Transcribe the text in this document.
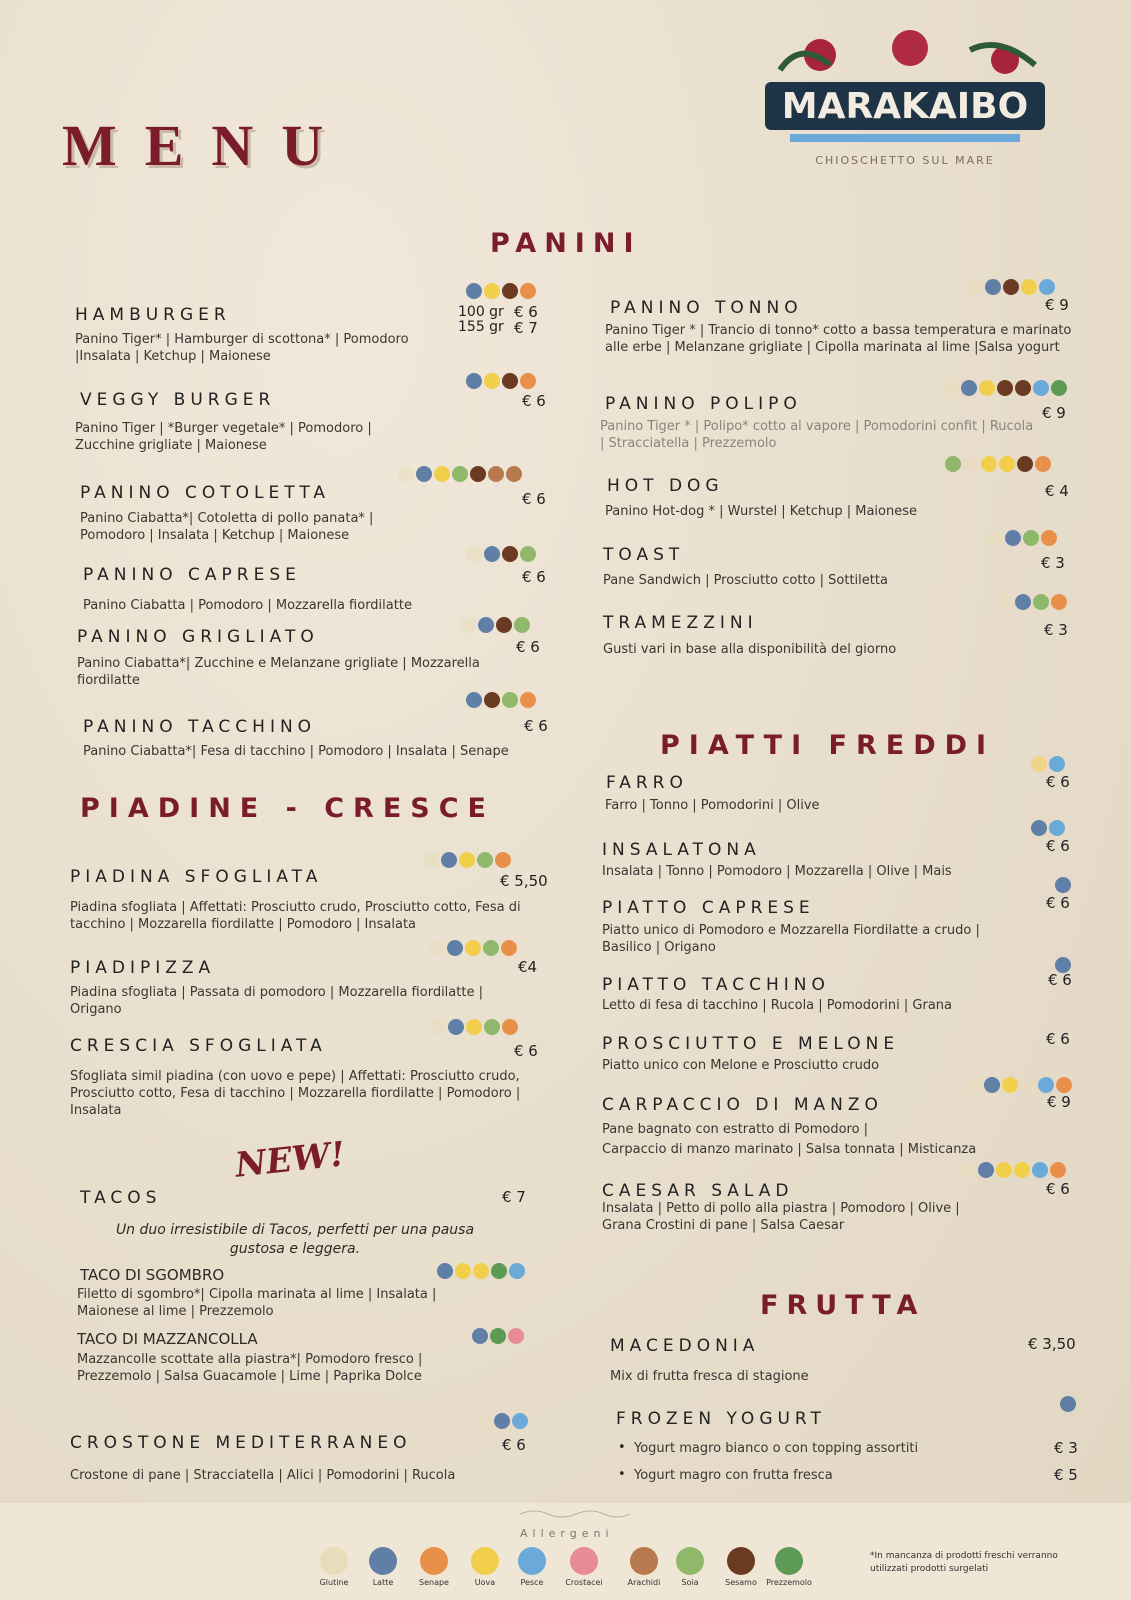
MENU
MARAKAIBO
CHIOSCHETTO SUL MARE
PANINI
HAMBURGER	100 gr € 6
155 gr € 7
Panino Tiger* | Hamburger di scottona* | Pomodoro |Insalata | Ketchup | Maionese
VEGGY BURGER	€ 6
Panino Tiger | *Burger vegetale* | Pomodoro | Zucchine grigliate | Maionese
PANINO COTOLETTA	€ 6
Panino Ciabatta*| Cotoletta di pollo panata* | Pomodoro | Insalata | Ketchup | Maionese
PANINO CAPRESE	€ 6
Panino Ciabatta | Pomodoro | Mozzarella fiordilatte
PANINO GRIGLIATO	€ 6
Panino Ciabatta*| Zucchine e Melanzane grigliate | Mozzarella fiordilatte
PANINO TACCHINO	€ 6
Panino Ciabatta*| Fesa di tacchino | Pomodoro | Insalata | Senape
PIADINE - CRESCE
PIADINA SFOGLIATA	€ 5,50
Piadina sfogliata | Affettati: Prosciutto crudo, Prosciutto cotto, Fesa di tacchino | Mozzarella fiordilatte | Pomodoro | Insalata
PIADIPIZZA	€4
Piadina sfogliata | Passata di pomodoro | Mozzarella fiordilatte | Origano
CRESCIA SFOGLIATA	€ 6
Sfogliata simil piadina (con uovo e pepe) | Affettati: Prosciutto crudo, Prosciutto cotto, Fesa di tacchino | Mozzarella fiordilatte | Pomodoro | Insalata
NEW!
TACOS	€ 7
Un duo irresistibile di Tacos, perfetti per una pausa gustosa e leggera.
TACO DI SGOMBRO
Filetto di sgombro*| Cipolla marinata al lime | Insalata | Maionese al lime | Prezzemolo
TACO DI MAZZANCOLLA
Mazzancolle scottate alla piastra*| Pomodoro fresco | Prezzemolo | Salsa Guacamole | Lime | Paprika Dolce
CROSTONE MEDITERRANEO	€ 6
Crostone di pane | Stracciatella | Alici | Pomodorini | Rucola
PANINO TONNO	€ 9
Panino Tiger * | Trancio di tonno* cotto a bassa temperatura e marinato alle erbe | Melanzane grigliate | Cipolla marinata al lime |Salsa yogurt
PANINO POLIPO	€ 9
Panino Tiger * | Polipo* cotto al vapore | Pomodorini confit | Rucola | Stracciatella | Prezzemolo
HOT DOG	€ 4
Panino Hot-dog * | Wurstel | Ketchup | Maionese
TOAST	€ 3
Pane Sandwich | Prosciutto cotto | Sottiletta
TRAMEZZINI	€ 3
Gusti vari in base alla disponibilità del giorno
PIATTI FREDDI
FARRO	€ 6
Farro | Tonno | Pomodorini | Olive
INSALATONA	€ 6
Insalata | Tonno | Pomodoro | Mozzarella | Olive | Mais
PIATTO CAPRESE	€ 6
Piatto unico di Pomodoro e Mozzarella Fiordilatte a crudo | Basilico | Origano
PIATTO TACCHINO	€ 6
Letto di fesa di tacchino | Rucola | Pomodorini | Grana
PROSCIUTTO E MELONE	€ 6
Piatto unico con Melone e Prosciutto crudo
CARPACCIO DI MANZO	€ 9
Pane bagnato con estratto di Pomodoro |
Carpaccio di manzo marinato | Salsa tonnata | Misticanza
CAESAR SALAD	€ 6
Insalata | Petto di pollo alla piastra | Pomodoro | Olive | Grana Crostini di pane | Salsa Caesar
FRUTTA
MACEDONIA	€ 3,50
Mix di frutta fresca di stagione
FROZEN YOGURT
• Yogurt magro bianco o con topping assortiti	€ 3
• Yogurt magro con frutta fresca	€ 5
Allergeni
Glutine	Latte	Senape	Uova	Pesce	Crostacei	Arachidi	Soia	Sesamo	Prezzemolo
*In mancanza di prodotti freschi verranno utilizzati prodotti surgelati
